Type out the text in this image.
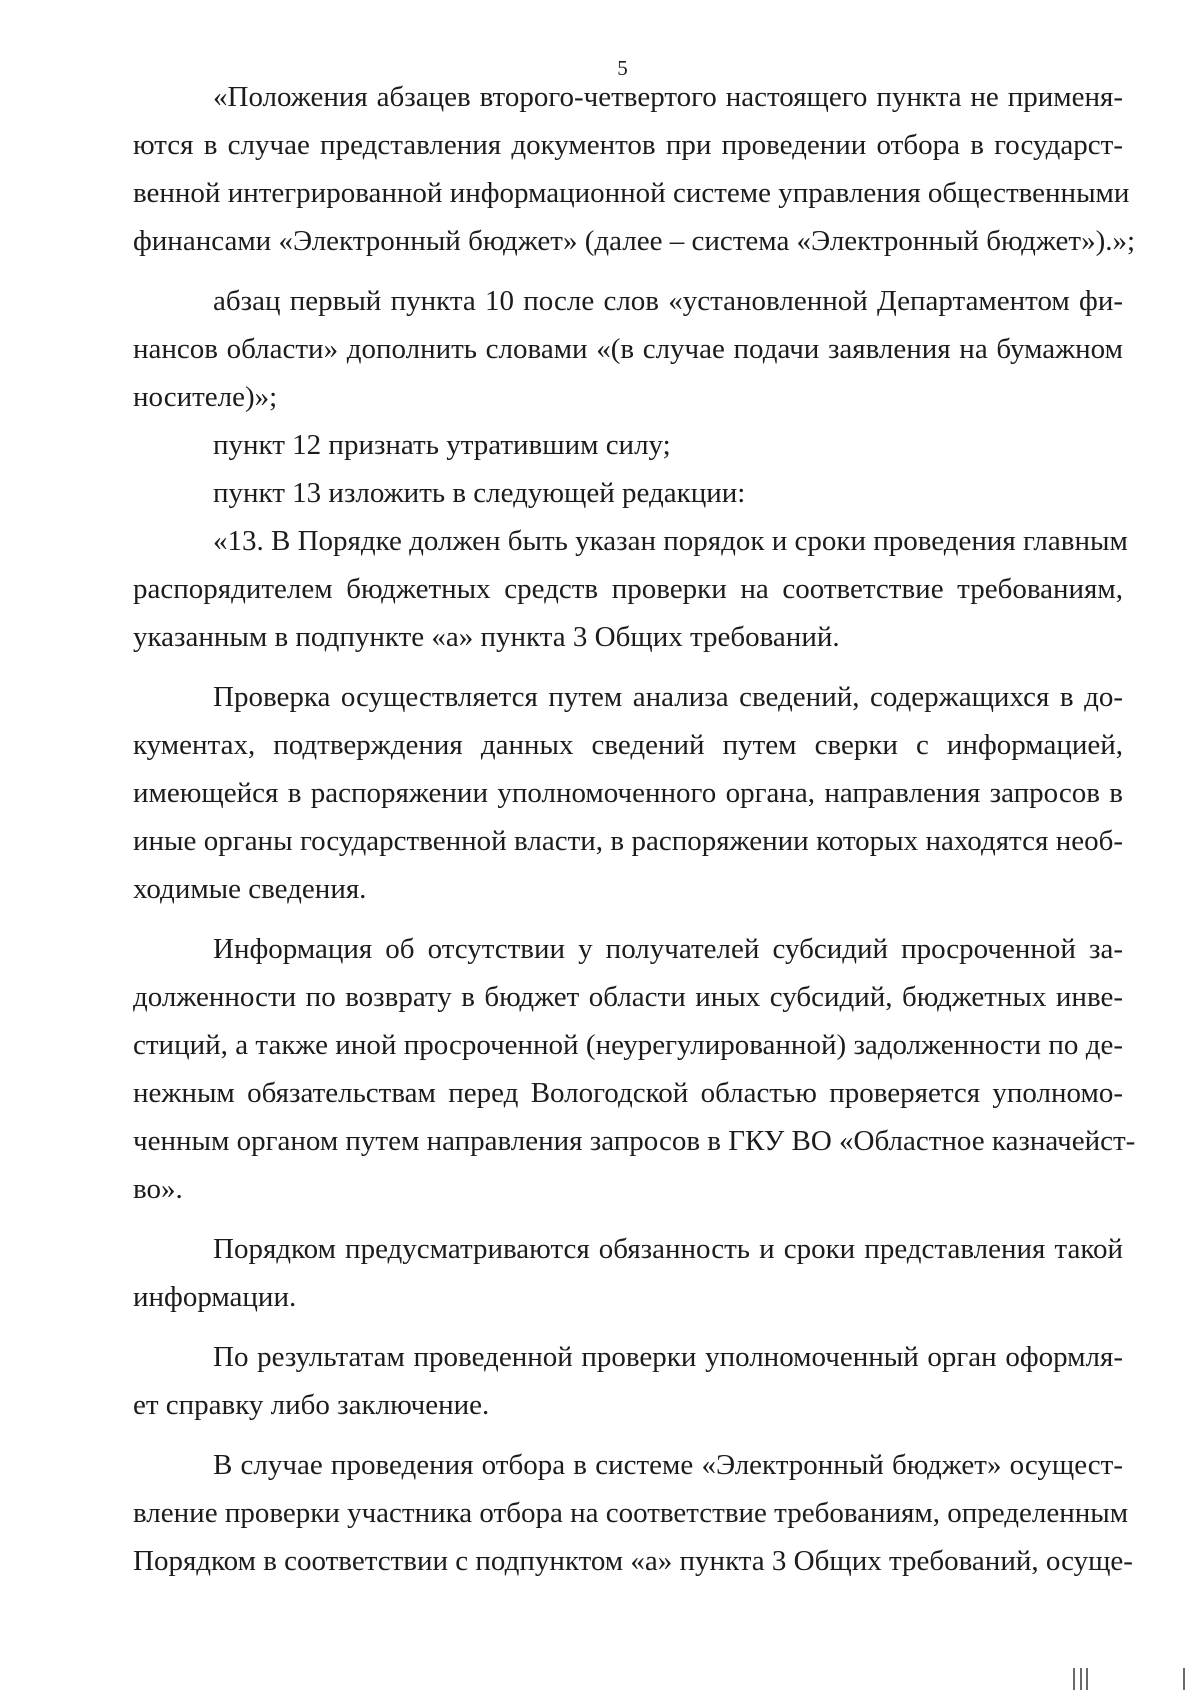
5
«Положения абзацев второго-четвертого настоящего пункта не применя-
ются в случае представления документов при проведении отбора в государст-
венной интегрированной информационной системе управления общественными
финансами «Электронный бюджет» (далее – система «Электронный бюджет»).»;
абзац первый пункта 10 после слов «установленной Департаментом фи-
нансов области» дополнить словами «(в случае подачи заявления на бумажном
носителе)»;
пункт 12 признать утратившим силу;
пункт 13 изложить в следующей редакции:
«13. В Порядке должен быть указан порядок и сроки проведения главным
распорядителем бюджетных средств проверки на соответствие требованиям,
указанным в подпункте «а» пункта 3 Общих требований.
Проверка осуществляется путем анализа сведений, содержащихся в до-
кументах, подтверждения данных сведений путем сверки с информацией,
имеющейся в распоряжении уполномоченного органа, направления запросов в
иные органы государственной власти, в распоряжении которых находятся необ-
ходимые сведения.
Информация об отсутствии у получателей субсидий просроченной за-
долженности по возврату в бюджет области иных субсидий, бюджетных инве-
стиций, а также иной просроченной (неурегулированной) задолженности по де-
нежным обязательствам перед Вологодской областью проверяется уполномо-
ченным органом путем направления запросов в ГКУ ВО «Областное казначейст-
во».
Порядком предусматриваются обязанность и сроки представления такой
информации.
По результатам проведенной проверки уполномоченный орган оформля-
ет справку либо заключение.
В случае проведения отбора в системе «Электронный бюджет» осущест-
вление проверки участника отбора на соответствие требованиям, определенным
Порядком в соответствии с подпунктом «а» пункта 3 Общих требований, осуще-
